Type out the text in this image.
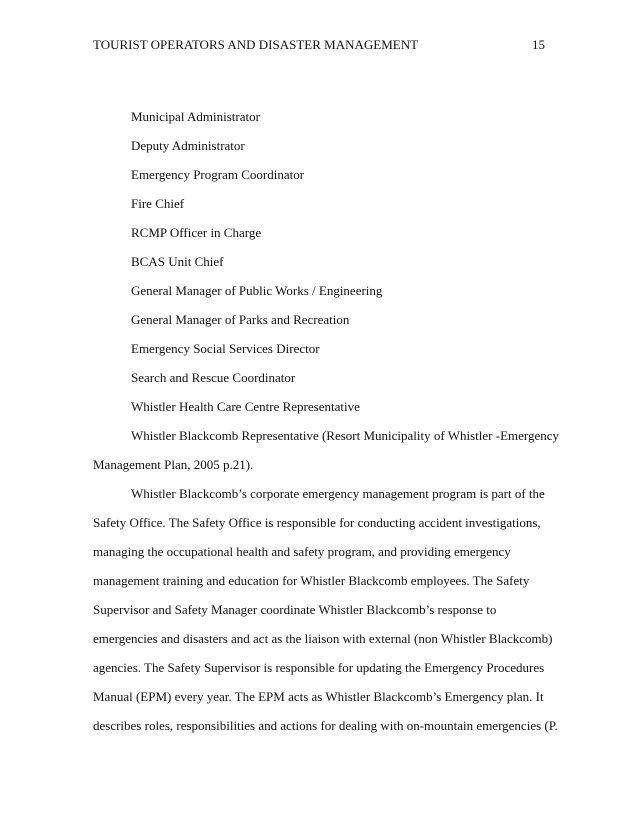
TOURIST OPERATORS AND DISASTER MANAGEMENT	15
Municipal Administrator
Deputy Administrator
Emergency Program Coordinator
Fire Chief
RCMP Officer in Charge
BCAS Unit Chief
General Manager of Public Works / Engineering
General Manager of Parks and Recreation
Emergency Social Services Director
Search and Rescue Coordinator
Whistler Health Care Centre Representative
Whistler Blackcomb Representative (Resort Municipality of Whistler -Emergency
Management Plan, 2005 p.21).
Whistler Blackcomb’s corporate emergency management program is part of the
Safety Office. The Safety Office is responsible for conducting accident investigations,
managing the occupational health and safety program, and providing emergency
management training and education for Whistler Blackcomb employees. The Safety
Supervisor and Safety Manager coordinate Whistler Blackcomb’s response to
emergencies and disasters and act as the liaison with external (non Whistler Blackcomb)
agencies. The Safety Supervisor is responsible for updating the Emergency Procedures
Manual (EPM) every year. The EPM acts as Whistler Blackcomb’s Emergency plan. It
describes roles, responsibilities and actions for dealing with on-mountain emergencies (P.
